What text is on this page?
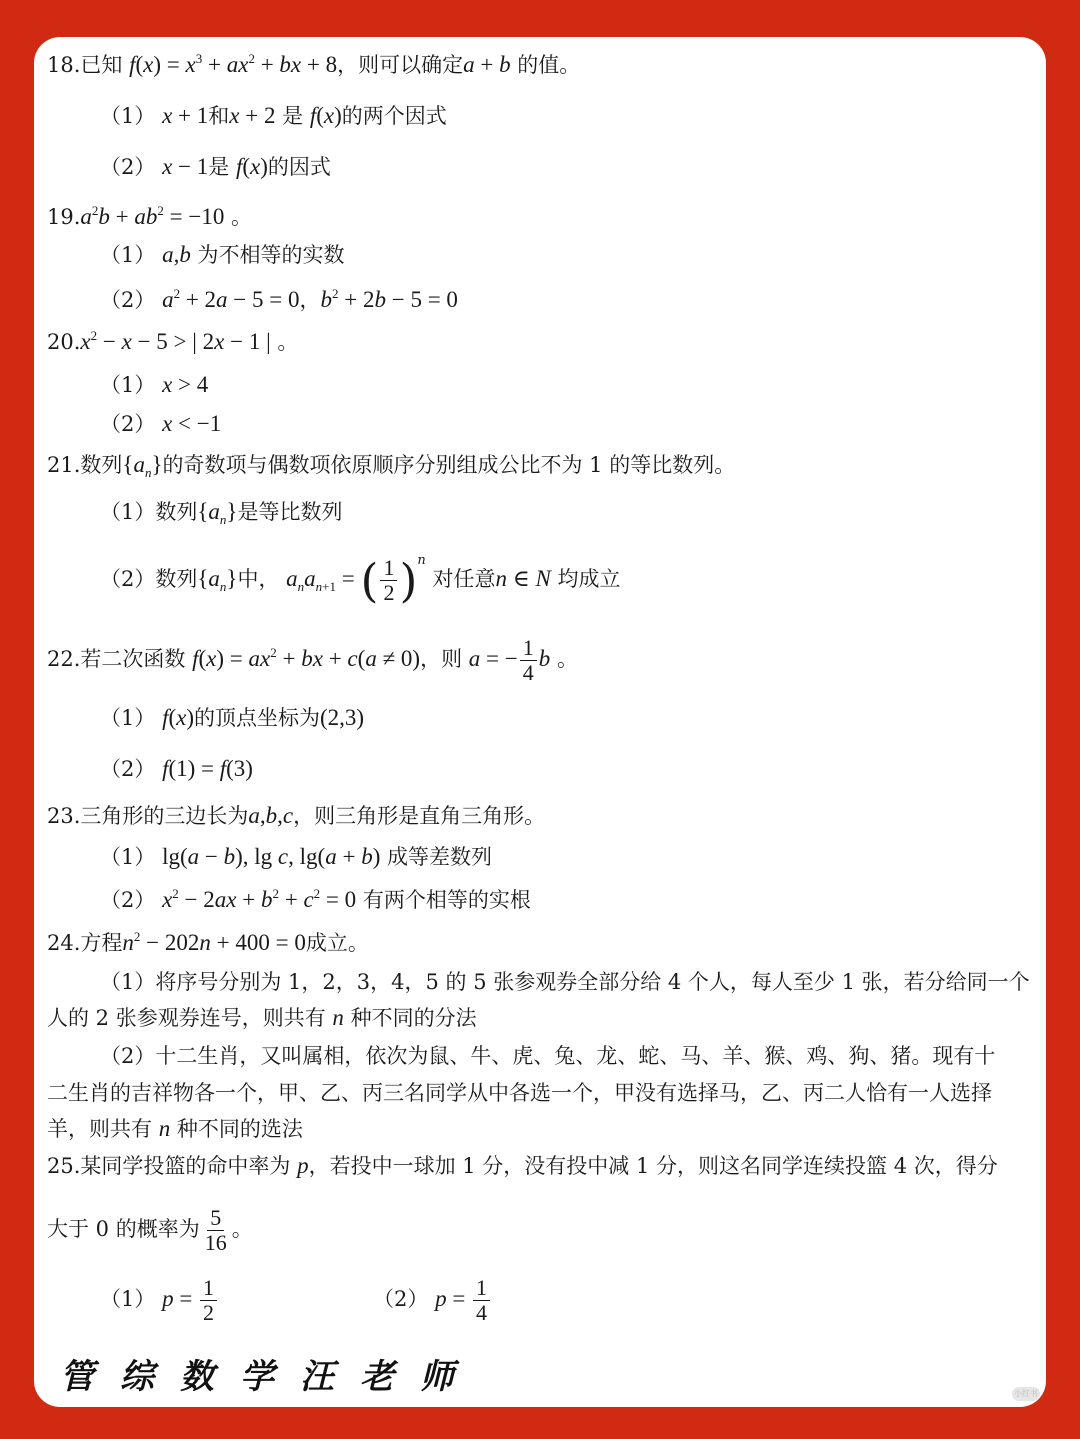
18.已知 $f(x) = x^3 + ax^2$ + bx + 8，则可以确定a + b 的值。
（1） x + 1和x + 2 是 f(x)的两个因式
（2） x − 1是 f(x)的因式
$19.a^2b + ab^2 = -10$ 。
（1） a,b 为不相等的实数
（2） $a^2 + 2a - 5 = 0$，$b^2 + 2b - 5 = 0$
$20.x^2 - x - 5$ > | 2x − 1 | 。
（1） x > 4
（2） x < −1
21.数列$\{a_n\}$的奇数项与偶数项依原顺序分别组成公比不为 1 的等比数列。
（1）数列$\{a_n\}$是等比数列
（2）数列$\{a_n\}$中， $a_na_{n+1}$ = ( $\frac{1}{2} )^n$ 对任意n ∈ N 均成立
22.若二次函数 $f(x) = ax^2$ + bx + c(a ≠ 0)，则 a = − $\frac{1}{4}$ b 。
（1） f(x)的顶点坐标为(2,3)
（2） f(1) = f(3)
23.三角形的三边长为a,b,c，则三角形是直角三角形。
（1） lg(a − b), lg c, lg(a + b) 成等差数列
（2） $x^2 - 2ax + b^2 + c^2 = 0$ 有两个相等的实根
24.方程$n^2 - 202n + 400 = 0$成立。
（1）将序号分别为 1，2，3，4，5 的 5 张参观券全部分给 4 个人，每人至少 1 张，若分给同一个
人的 2 张参观券连号，则共有 n 种不同的分法
（2）十二生肖，又叫属相，依次为鼠、牛、虎、兔、龙、蛇、马、羊、猴、鸡、狗、猪。现有十
二生肖的吉祥物各一个，甲、乙、丙三名同学从中各选一个，甲没有选择马，乙、丙二人恰有一人选择
羊，则共有 n 种不同的选法
25.某同学投篮的命中率为 p，若投中一球加 1 分，没有投中减 1 分，则这名同学连续投篮 4 次，得分
大于 0 的概率为 $\frac{5}{16}$ 。
（1） $p = \frac{1}{2}$	（2） $p = \frac{1}{4}$
管综数学汪老师	小红书
